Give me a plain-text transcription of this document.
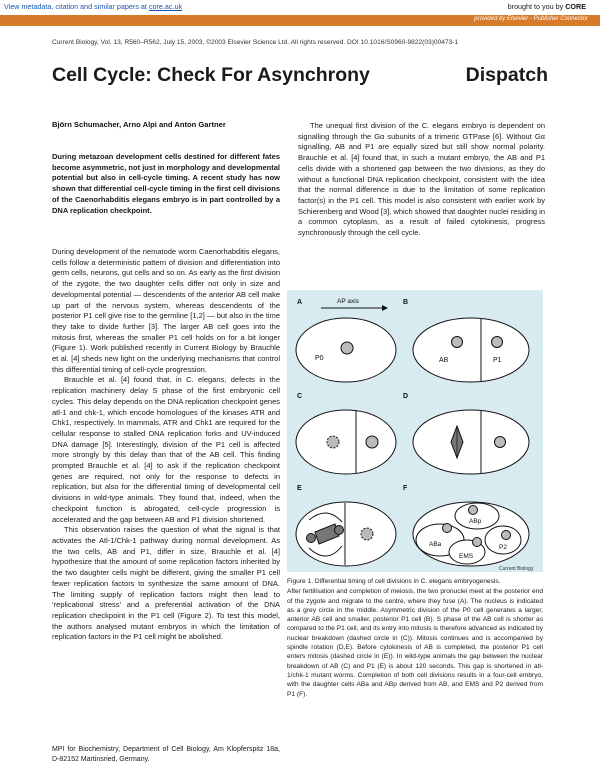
View metadata, citation and similar papers at core.ac.uk	brought to you by CORE
provided by Elsevier - Publisher Connector
Current Biology, Vol. 13, R560–R562, July 15, 2003, ©2003 Elsevier Science Ltd. All rights reserved. DOI 10.1016/S0960-9822(03)00473-1
Cell Cycle: Check For Asynchrony	Dispatch
Björn Schumacher, Arno Alpi and Anton Gartner
During metazoan development cells destined for different fates become asymmetric, not just in morphology and developmental potential but also in cell-cycle timing. A recent study has now shown that differential cell-cycle timing in the first cell divisions of the Caenorhabditis elegans embryo is in part controlled by a DNA replication checkpoint.

During development of the nematode worm Caenorhabditis elegans, cells follow a deterministic pattern of division and differentiation into germ cells, neurons, gut cells and so on. As early as the first division of the zygote, the two daughter cells differ not only in size and developmental potential — descendents of the anterior AB cell make up part of the nervous system, whereas descendents of the posterior P1 cell give rise to the germline [1,2] — but also in the time they take to divide further [3]. The larger AB cell goes into the mitosis first, whereas the smaller P1 cell holds on for a bit longer (Figure 1). Work published recently in Current Biology by Brauchle et al. [4] sheds new light on the underlying mechanisms that control this differential timing of cell-cycle progression.

Brauchle et al. [4] found that, in C. elegans, defects in the replication machinery delay S phase of the first embryonic cell cycles. This delay depends on the DNA replication checkpoint genes atl-1 and chk-1, which encode homologues of the kinases ATR and Chk1, respectively. In mammals, ATR and Chk1 are required for the cellular response to stalled DNA replication forks and UV-induced DNA damage [5]. Interestingly, division of the P1 cell is affected more strongly by this delay than that of the AB cell. This finding prompted Brauchle et al. [4] to ask if the replication checkpoint genes are required, not only for the response to defects in replication, but also for the differential timing of developmental cell divisions in wild-type animals. They found that, indeed, when the checkpoint function is abrogated, cell-cycle progression is accelerated and the gap between AB and P1 division shortened.

This observation raises the question of what the signal is that activates the Atl-1/Chk-1 pathway during normal development. As the two cells, AB and P1, differ in size, Brauchle et al. [4] hypothesize that the amount of some replication factors inherited by the two daughter cells might be different, giving the smaller P1 cell fewer replication factors to synthesize the same amount of DNA. The limiting supply of replication factors might then lead to ‘replicational stress’ and a preferential activation of the DNA replication checkpoint in the P1 cell (Figure 2). To test this model, the authors analysed mutant embryos in which the limitation of replication factors in the P1 cell might be abolished.

MPI for Biochemistry, Department of Cell Biology, Am Klopferspitz 18a, D-82152 Martinsried, Germany.
The unequal first division of the C. elegans embryo is dependent on signalling through the Gα subunits of a trimeric GTPase [6]. Without Gα signalling, AB and P1 are equally sized but still show normal polarity. Brauchle et al. [4] found that, in such a mutant embryo, the AB and P1 cells divide with a shortened gap between the two divisions, as they do without a functional DNA replication checkpoint, consistent with the idea that the normal difference is due to the limitation of some replication factor(s) in the P1 cell. This model is also consistent with earlier work by Schierenberg and Wood [3], which showed that daughter nuclei residing in a common cytoplasm, as a result of failed cytokinesis, progress synchronously through the cell cycle.
A	B
C	D
E	F
AP axis
P0	AB	P1
ABa
ABp
EMS
P2
Current Biology
Figure 1. Differential timing of cell divisions in C. elegans embryogenesis.
After fertilisation and completion of meiosis, the two pronuclei meet at the posterior end of the zygote and migrate to the centre, where they fuse (A). The nucleus is indicated as a grey circle in the middle. Asymmetric division of the P0 cell generates a larger, anterior AB cell and smaller, posterior P1 cell (B). S phase of the AB cell is shorter as compared to the P1 cell, and its entry into mitosis is therefore advanced as indicated by nuclear breakdown (dashed circle in (C)). Mitosis continues and is accompanied by spindle rotation (D,E). Before cytokinesis of AB is completed, the posterior P1 cell enters mitosis (dashed circle in (E)). In wild-type animals the gap between the nuclear breakdown of AB (C) and P1 (E) is about 120 seconds. This gap is shortened in atl-1/chk-1 mutant worms. Completion of both cell divisions results in a four-cell embryo, with the daughter cells ABa and ABp derived from AB, and EMS and P2 derived from P1 (F).
